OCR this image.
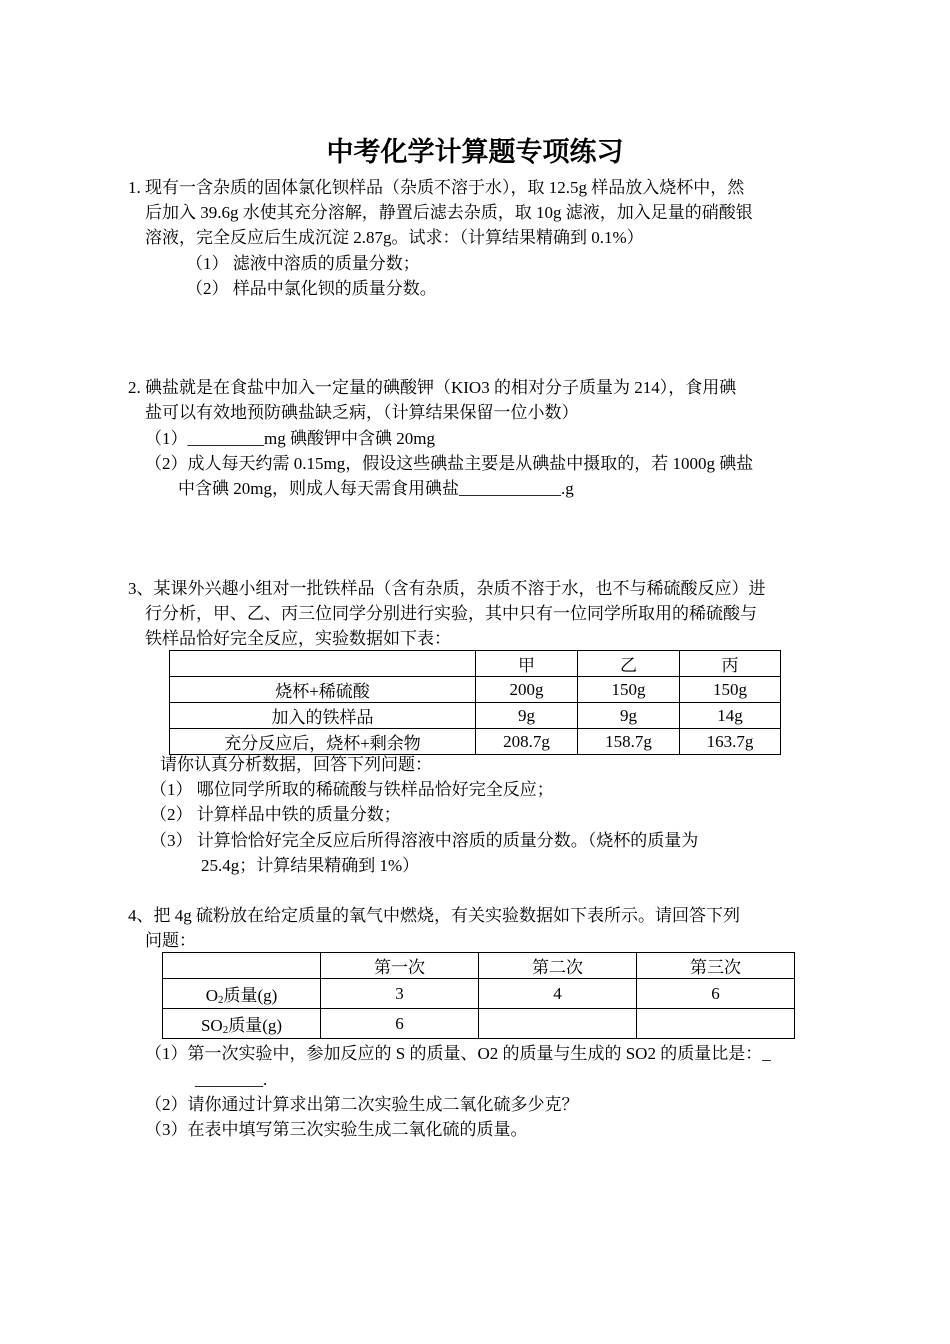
中考化学计算题专项练习
1. 现有一含杂质的固体氯化钡样品（杂质不溶于水），取 12.5g 样品放入烧杯中，然
后加入 39.6g 水使其充分溶解，静置后滤去杂质，取 10g 滤液，加入足量的硝酸银
溶液，完全反应后生成沉淀 2.87g。试求：（计算结果精确到 0.1%）
（1） 滤液中溶质的质量分数；
（2） 样品中氯化钡的质量分数。
2. 碘盐就是在食盐中加入一定量的碘酸钾（KIO3 的相对分子质量为 214），食用碘
盐可以有效地预防碘盐缺乏病，（计算结果保留一位小数）
（1）_________mg 碘酸钾中含碘 20mg
（2）成人每天约需 0.15mg，假设这些碘盐主要是从碘盐中摄取的，若 1000g 碘盐
中含碘 20mg，则成人每天需食用碘盐____________.g
3、某课外兴趣小组对一批铁样品（含有杂质，杂质不溶于水，也不与稀硫酸反应）进
行分析，甲、乙、丙三位同学分别进行实验，其中只有一位同学所取用的稀硫酸与
铁样品恰好完全反应，实验数据如下表：
	甲	乙	丙
烧杯+稀硫酸	200g	150g	150g
加入的铁样品	9g	9g	14g
充分反应后，烧杯+剩余物	208.7g	158.7g	163.7g
请你认真分析数据，回答下列问题：
（1） 哪位同学所取的稀硫酸与铁样品恰好完全反应；
（2） 计算样品中铁的质量分数；
（3） 计算恰恰好完全反应后所得溶液中溶质的质量分数。（烧杯的质量为
25.4g；计算结果精确到 1%）
4、把 4g 硫粉放在给定质量的氧气中燃烧，有关实验数据如下表所示。请回答下列
问题：
	第一次	第二次	第三次
$O_2$质量(g)	3	4	6
$SO_2$质量(g)	6		
（1）第一次实验中，参加反应的 S 的质量、O2 的质量与生成的 SO2 的质量比是：_
________.
（2）请你通过计算求出第二次实验生成二氧化硫多少克？
（3）在表中填写第三次实验生成二氧化硫的质量。
